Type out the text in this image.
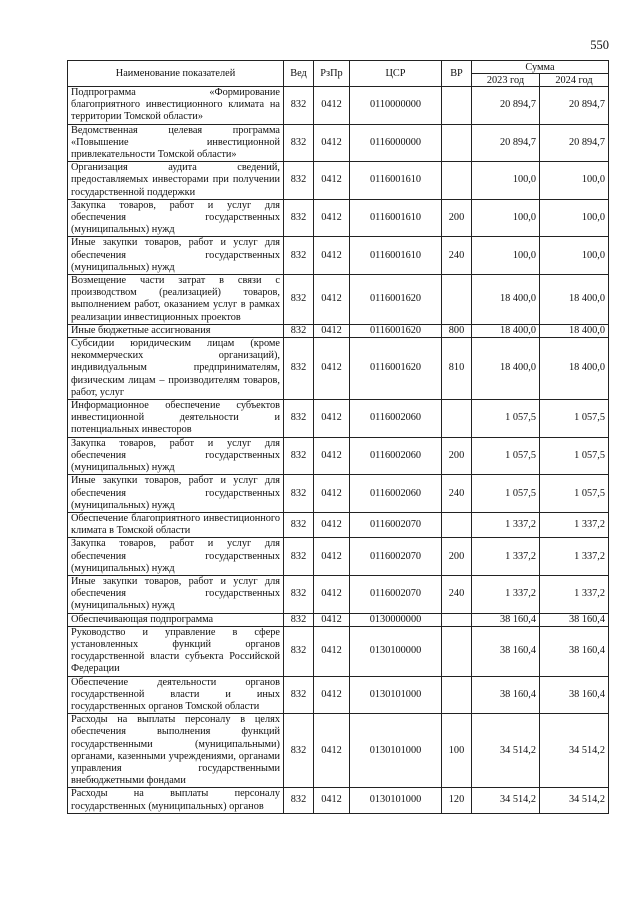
550
Наименование показателей	Вед	РзПр	ЦСР	ВР	Сумма	
					2023 год	2024 год
Подпрограмма «Формирование благоприятного инвестиционного климата на территории Томской области»	832	0412	0110000000		20 894,7	20 894,7
Ведомственная целевая программа «Повышение инвестиционной привлекательности Томской области»	832	0412	0116000000		20 894,7	20 894,7
Организация аудита сведений, предоставляемых инвесторами при получении государственной поддержки	832	0412	0116001610		100,0	100,0
Закупка товаров, работ и услуг для обеспечения государственных (муниципальных) нужд	832	0412	0116001610	200	100,0	100,0
Иные закупки товаров, работ и услуг для обеспечения государственных (муниципальных) нужд	832	0412	0116001610	240	100,0	100,0
Возмещение части затрат в связи с производством (реализацией) товаров, выполнением работ, оказанием услуг в рамках реализации инвестиционных проектов	832	0412	0116001620		18 400,0	18 400,0
Иные бюджетные ассигнования	832	0412	0116001620	800	18 400,0	18 400,0
Субсидии юридическим лицам (кроме некоммерческих организаций), индивидуальным предпринимателям, физическим лицам – производителям товаров, работ, услуг	832	0412	0116001620	810	18 400,0	18 400,0
Информационное обеспечение субъектов инвестиционной деятельности и потенциальных инвесторов	832	0412	0116002060		1 057,5	1 057,5
Закупка товаров, работ и услуг для обеспечения государственных (муниципальных) нужд	832	0412	0116002060	200	1 057,5	1 057,5
Иные закупки товаров, работ и услуг для обеспечения государственных (муниципальных) нужд	832	0412	0116002060	240	1 057,5	1 057,5
Обеспечение благоприятного инвестиционного климата в Томской области	832	0412	0116002070		1 337,2	1 337,2
Закупка товаров, работ и услуг для обеспечения государственных (муниципальных) нужд	832	0412	0116002070	200	1 337,2	1 337,2
Иные закупки товаров, работ и услуг для обеспечения государственных (муниципальных) нужд	832	0412	0116002070	240	1 337,2	1 337,2
Обеспечивающая подпрограмма	832	0412	0130000000		38 160,4	38 160,4
Руководство и управление в сфере установленных функций органов государственной власти субъекта Российской Федерации	832	0412	0130100000		38 160,4	38 160,4
Обеспечение деятельности органов государственной власти и иных государственных органов Томской области	832	0412	0130101000		38 160,4	38 160,4
Расходы на выплаты персоналу в целях обеспечения выполнения функций государственными (муниципальными) органами, казенными учреждениями, органами управления государственными внебюджетными фондами	832	0412	0130101000	100	34 514,2	34 514,2
Расходы на выплаты персоналу государственных (муниципальных) органов	832	0412	0130101000	120	34 514,2	34 514,2
